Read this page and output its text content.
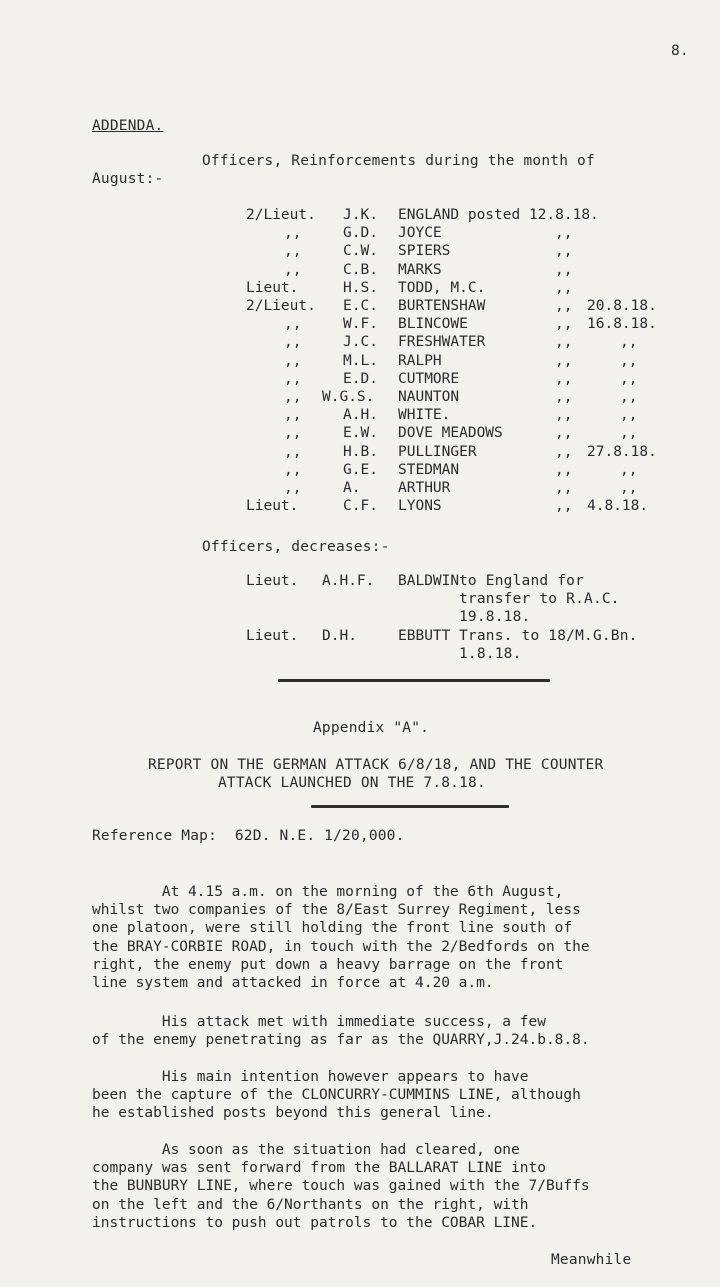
8.
ADDENDA.
Officers, Reinforcements during the month of
August:-
2/Lieut. J.K. ENGLAND posted 12.8.18.
,,	G.D. JOYCE	,,
,,	C.W. SPIERS	,,
,,	C.B. MARKS	,,
Lieut.	H.S. TODD, M.C.	,,
2/Lieut. E.C. BURTENSHAW	,, 20.8.18.
,,	W.F. BLINCOWE	,, 16.8.18.
,,	J.C. FRESHWATER	,,	,,
,,	M.L. RALPH	,,	,,
,,	E.D. CUTMORE	,,	,,
,, W.G.S. NAUNTON	,,	,,
,,	A.H. WHITE.	,,	,,
,,	E.W. DOVE MEADOWS	,,	,,
,,	H.B. PULLINGER	,, 27.8.18.
,,	G.E. STEDMAN	,,	,,
,,	A.	ARTHUR	,,	,,
Lieut.	C.F. LYONS	,, 4.8.18.
Officers, decreases:-
Lieut. A.H.F. BALDWIN to England for
transfer to R.A.C.
19.8.18.
Lieut. D.H.	EBBUTT Trans. to 18/M.G.Bn.
1.8.18.
Appendix "A".
REPORT ON THE GERMAN ATTACK 6/8/18, AND THE COUNTER
ATTACK LAUNCHED ON THE 7.8.18.
Reference Map:  62D. N.E. 1/20,000.
At 4.15 a.m. on the morning of the 6th August,
whilst two companies of the 8/East Surrey Regiment, less
one platoon, were still holding the front line south of
the BRAY-CORBIE ROAD, in touch with the 2/Bedfords on the
right, the enemy put down a heavy barrage on the front
line system and attacked in force at 4.20 a.m.
His attack met with immediate success, a few
of the enemy penetrating as far as the QUARRY,J.24.b.8.8.
His main intention however appears to have
been the capture of the CLONCURRY-CUMMINS LINE, although
he established posts beyond this general line.
As soon as the situation had cleared, one
company was sent forward from the BALLARAT LINE into
the BUNBURY LINE, where touch was gained with the 7/Buffs
on the left and the 6/Northants on the right, with
instructions to push out patrols to the COBAR LINE.
Meanwhile
